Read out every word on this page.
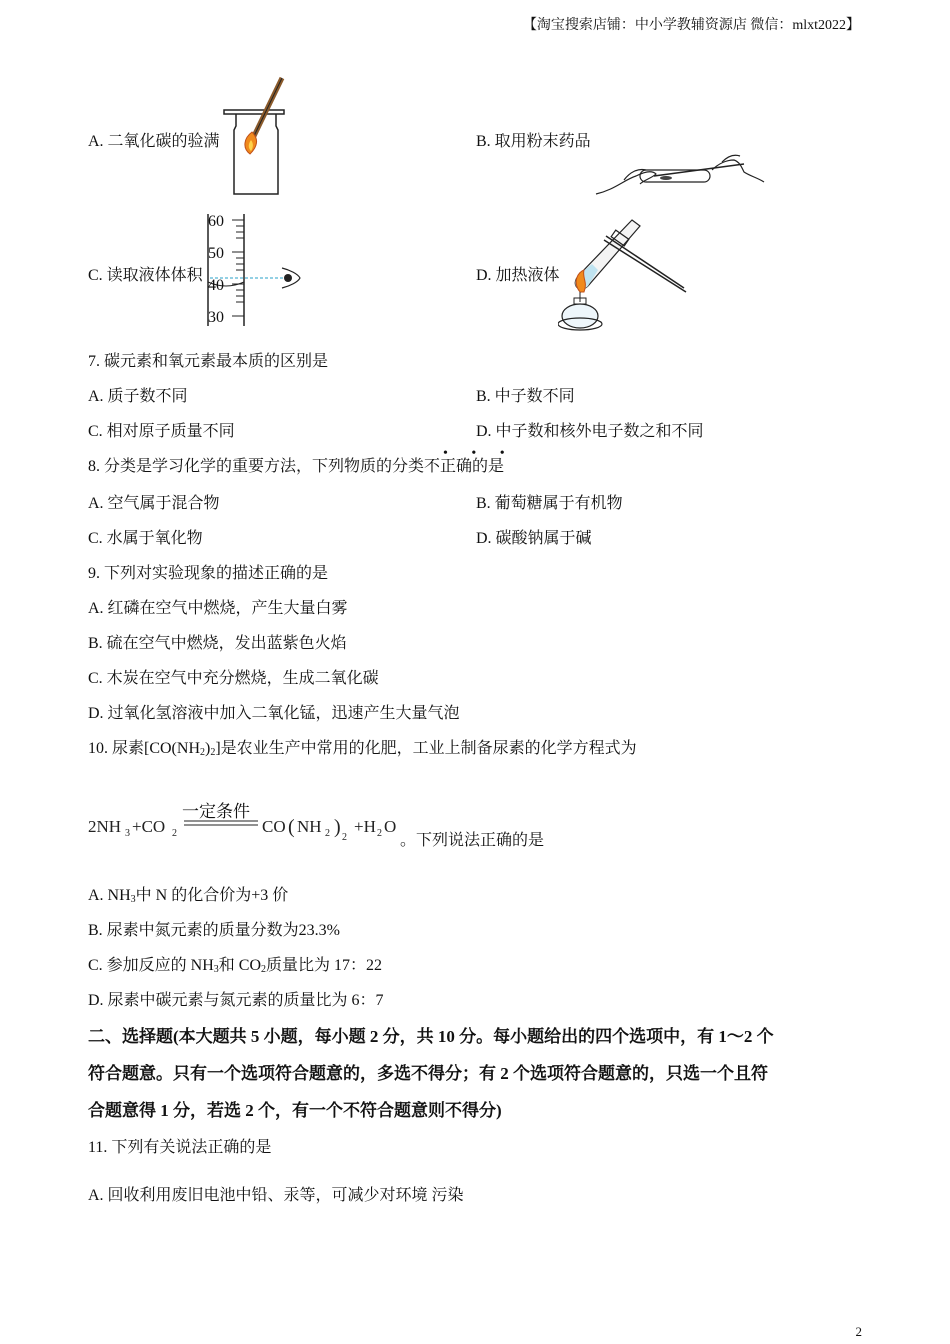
【淘宝搜索店铺：中小学教辅资源店 微信：mlxt2022】
A. 二氧化碳的验满	B. 取用粉末药品
C. 读取液体体积
60
50
40
30
D. 加热液体
7. 碳元素和氧元素最本质的区别是
A. 质子数不同	B. 中子数不同
C. 相对原子质量不同	D. 中子数和核外电子数之和不同
• • •
8. 分类是学习化学的重要方法，下列物质的分类不正确的是
A. 空气属于混合物	B. 葡萄糖属于有机物
C. 水属于氧化物	D. 碳酸钠属于碱
9. 下列对实验现象的描述正确的是
A. 红磷在空气中燃烧，产生大量白雾
B. 硫在空气中燃烧，发出蓝紫色火焰
C. 木炭在空气中充分燃烧，生成二氧化碳
D. 过氧化氢溶液中加入二氧化锰，迅速产生大量气泡
10. 尿素$[CO(NH_2)_2]$是农业生产中常用的化肥，工业上制备尿素的化学方程式为
2NH 3 +CO 2	CO ( NH 2 ) 2
+H 2 O
一定条件
。下列说法正确的是
A. $NH_3$中 N 的化合价为+3 价
B. 尿素中氮元素的质量分数为23.3%
C. 参加反应的 $NH_3$和 $CO_2$质量比为 17：22
D. 尿素中碳元素与氮元素的质量比为 6：7
二、选择题(本大题共 5 小题，每小题 2 分，共 10 分。每小题给出的四个选项中，有 1～2 个
符合题意。只有一个选项符合题意的，多选不得分；有 2 个选项符合题意的，只选一个且符
合题意得 1 分，若选 2 个，有一个不符合题意则不得分)
11. 下列有关说法正确的是
A. 回收利用废旧电池中铅、汞等，可减少对环境 污染
2
